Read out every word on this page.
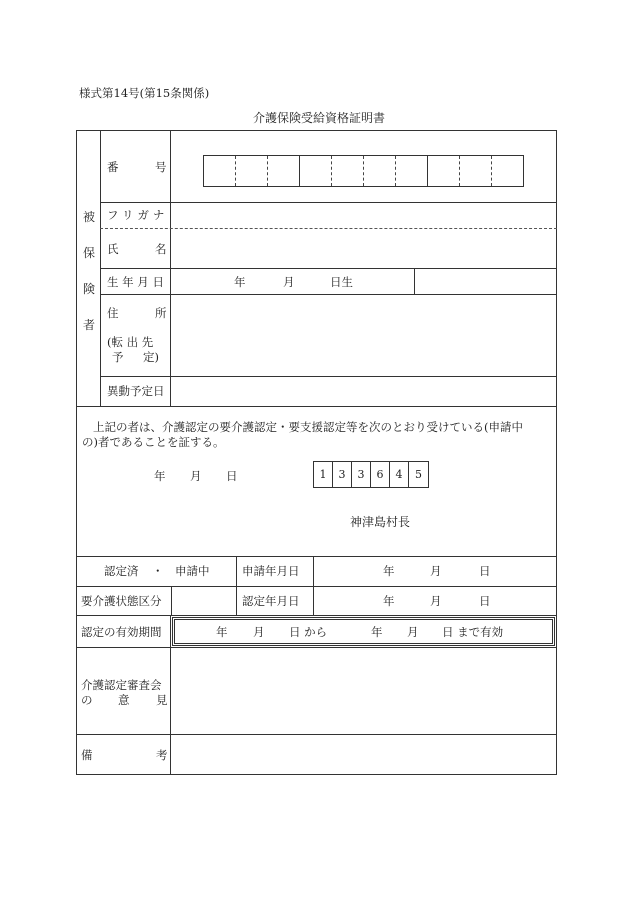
様式第14号(第15条関係)
介護保険受給資格証明書
被
保
険
者
番	号
フリガナ
氏	名
生 年 月 日	年	月	日生
住	所
(転 出 先
予 定)
異動予定日
上記の者は、介護認定の要介護認定・要支援認定等を次のとおり受けている(申請中
の)者であることを証する。
年 月 日	1	3	3	6	4	5
神津島村長
認定済 ・ 申請中	申請年月日	年	月	日
要介護状態区分	認定年月日	年	月	日
認定の有効期間	年 月 日 から	年 月 日 まで有効
介護認定審査会
の 意 見
備	考
